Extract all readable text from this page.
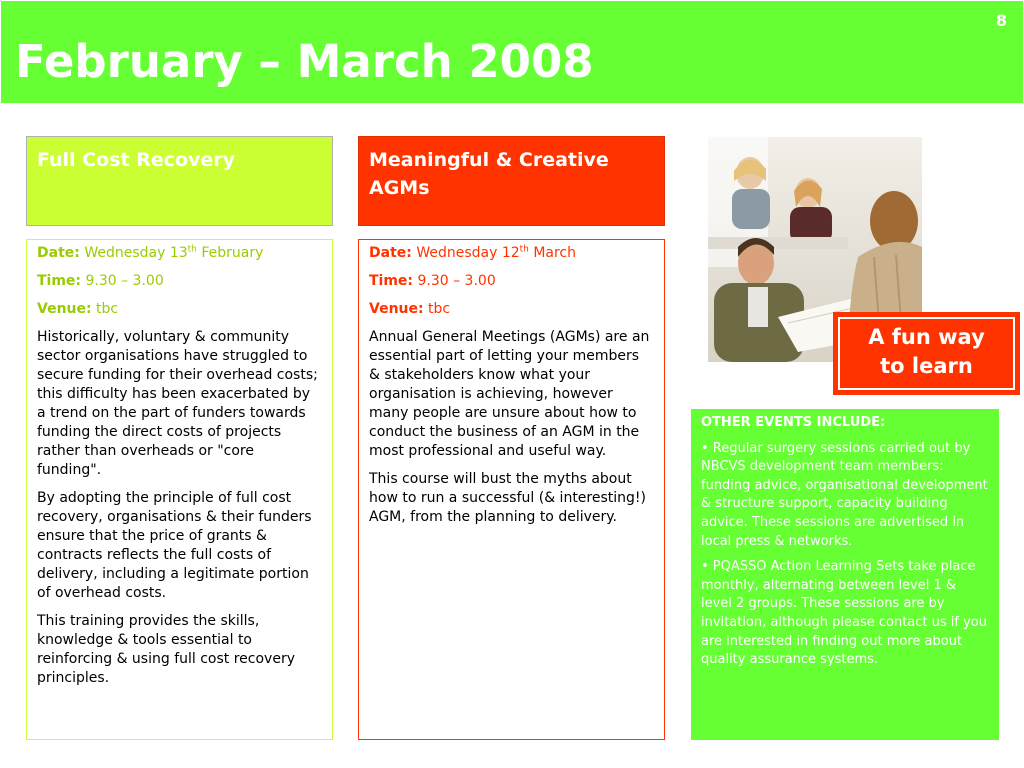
8
February – March 2008
Full Cost Recovery	Meaningful & Creative AGMs
Date: Wednesday 13th February
Time: 9.30 – 3.00
Venue: tbc

Historically, voluntary & community sector organisations have struggled to secure funding for their overhead costs; this difficulty has been exacerbated by a trend on the part of funders towards funding the direct costs of projects rather than overheads or "core funding".

By adopting the principle of full cost recovery, organisations & their funders ensure that the price of grants & contracts reflects the full costs of delivery, including a legitimate portion of overhead costs.

This training provides the skills, knowledge & tools essential to reinforcing & using full cost recovery principles.

Date: Wednesday 12th March
Time: 9.30 – 3.00
Venue: tbc

Annual General Meetings (AGMs) are an essential part of letting your members & stakeholders know what your organisation is achieving, however many people are unsure about how to conduct the business of an AGM in the most professional and useful way.

This course will bust the myths about how to run a successful (& interesting!) AGM, from the planning to delivery.

A fun way
to learn
OTHER EVENTS INCLUDE:

• Regular surgery sessions carried out by NBCVS development team members: funding advice, organisational development & structure support, capacity building advice. These sessions are advertised in local press & networks.

• PQASSO Action Learning Sets take place monthly, alternating between level 1 & level 2 groups. These sessions are by invitation, although please contact us if you are interested in finding out more about quality assurance systems.
